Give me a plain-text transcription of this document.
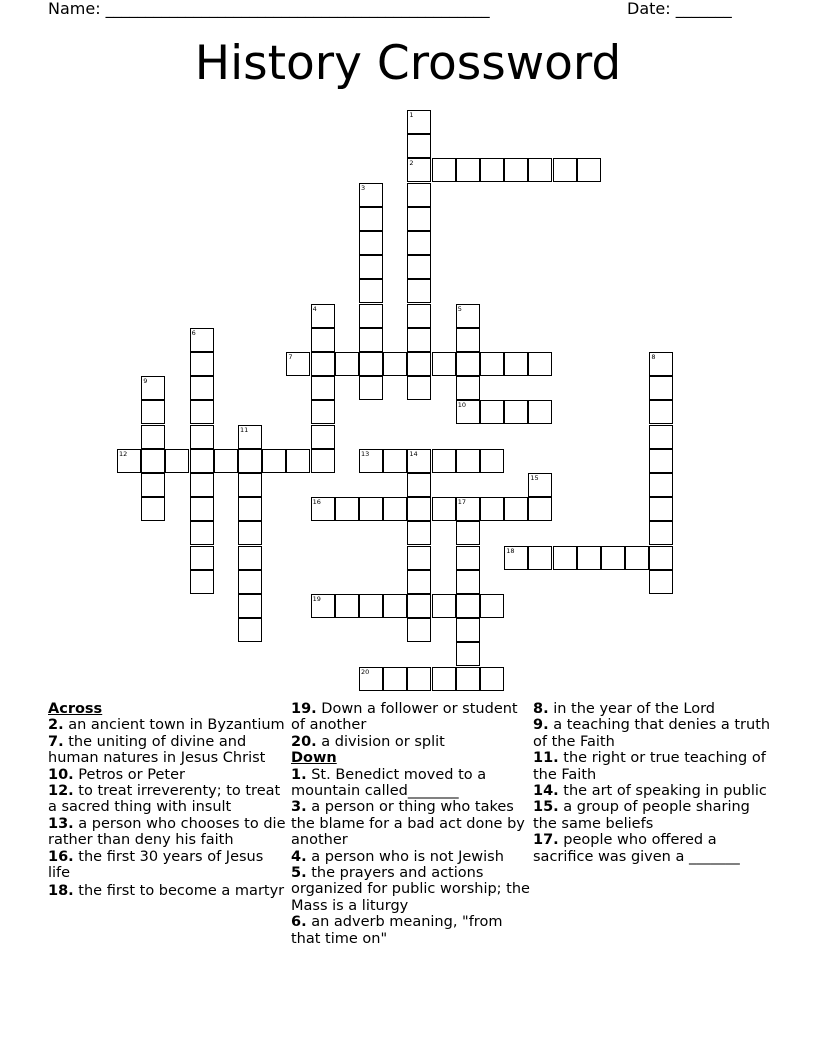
Name: ________________________________________________	Date: _______
History Crossword
1
2
3
4	5
10
6
7	8
9
11
12	13	14
15
16	17
18
19
20
Across
2. an ancient town in Byzantium
7. the uniting of divine and human natures in Jesus Christ
10. Petros or Peter
12. to treat irreverenty; to treat a sacred thing with insult
13. a person who chooses to die rather than deny his faith
16. the first 30 years of Jesus life
18. the first to become a martyr
19. Down a follower or student of another
20. a division or split
Down
1. St. Benedict moved to a mountain called_______
3. a person or thing who takes the blame for a bad act done by another
4. a person who is not Jewish
5. the prayers and actions organized for public worship; the Mass is a liturgy
6. an adverb meaning, "from that time on"
8. in the year of the Lord
9. a teaching that denies a truth of the Faith
11. the right or true teaching of the Faith
14. the art of speaking in public
15. a group of people sharing the same beliefs
17. people who offered a sacrifice was given a _______
